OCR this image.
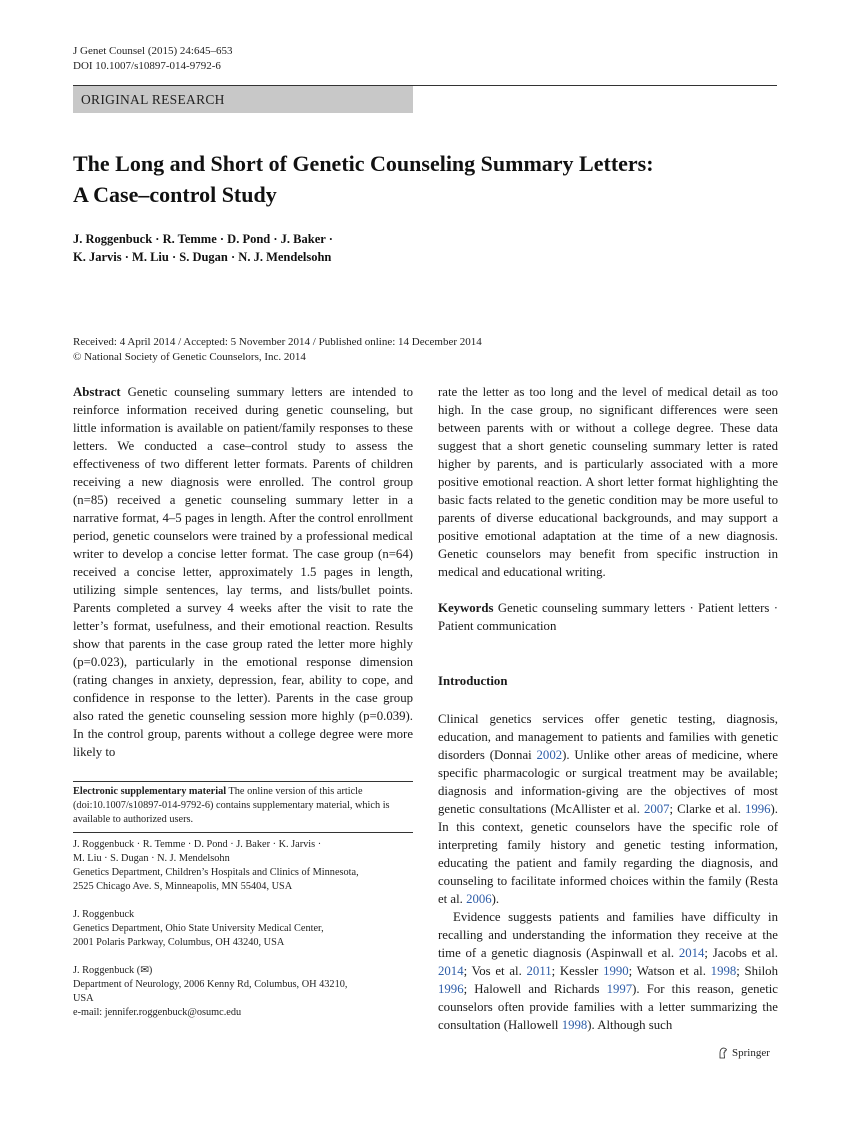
J Genet Counsel (2015) 24:645–653
DOI 10.1007/s10897-014-9792-6
ORIGINAL RESEARCH
The Long and Short of Genetic Counseling Summary Letters:
A Case–control Study
J. Roggenbuck · R. Temme · D. Pond · J. Baker ·
K. Jarvis · M. Liu · S. Dugan · N. J. Mendelsohn
Received: 4 April 2014 / Accepted: 5 November 2014 / Published online: 14 December 2014
© National Society of Genetic Counselors, Inc. 2014
Abstract Genetic counseling summary letters are intended to reinforce information received during genetic counseling, but little information is available on patient/family responses to these letters. We conducted a case–control study to assess the effectiveness of two different letter formats. Parents of children receiving a new diagnosis were enrolled. The control group (n=85) received a genetic counseling summary letter in a narrative format, 4–5 pages in length. After the control enrollment period, genetic counselors were trained by a professional medical writer to develop a concise letter format. The case group (n=64) received a concise letter, approximately 1.5 pages in length, utilizing simple sentences, lay terms, and lists/bullet points. Parents completed a survey 4 weeks after the visit to rate the letter’s format, usefulness, and their emotional reaction. Results show that parents in the case group rated the letter more highly (p=0.023), particularly in the emotional response dimension (rating changes in anxiety, depression, fear, ability to cope, and confidence in response to the letter). Parents in the case group also rated the genetic counseling session more highly (p=0.039). In the control group, parents without a college degree were more likely to
Electronic supplementary material The online version of this article (doi:10.1007/s10897-014-9792-6) contains supplementary material, which is available to authorized users.

J. Roggenbuck · R. Temme · D. Pond · J. Baker · K. Jarvis ·

M. Liu · S. Dugan · N. J. Mendelsohn

Genetics Department, Children’s Hospitals and Clinics of Minnesota,

2525 Chicago Ave. S, Minneapolis, MN 55404, USA

J. Roggenbuck

Genetics Department, Ohio State University Medical Center,

2001 Polaris Parkway, Columbus, OH 43240, USA

J. Roggenbuck (✉)

Department of Neurology, 2006 Kenny Rd, Columbus, OH 43210,

USA

e-mail: jennifer.roggenbuck@osumc.edu

rate the letter as too long and the level of medical detail as too high. In the case group, no significant differences were seen between parents with or without a college degree. These data suggest that a short genetic counseling summary letter is rated higher by parents, and is particularly associated with a more positive emotional reaction. A short letter format highlighting the basic facts related to the genetic condition may be more useful to parents of diverse educational backgrounds, and may support a positive emotional adaptation at the time of a new diagnosis. Genetic counselors may benefit from specific instruction in medical and educational writing.

Keywords Genetic counseling summary letters · Patient letters · Patient communication

Introduction

Clinical genetics services offer genetic testing, diagnosis, education, and management to patients and families with genetic disorders (Donnai 2002). Unlike other areas of medicine, where specific pharmacologic or surgical treatment may be available; diagnosis and information-giving are the objectives of most genetic consultations (McAllister et al. 2007; Clarke et al. 1996). In this context, genetic counselors have the specific role of interpreting family history and genetic testing information, educating the patient and family regarding the diagnosis, and counseling to facilitate informed choices within the family (Resta et al. 2006).

Evidence suggests patients and families have difficulty in recalling and understanding the information they receive at the time of a genetic diagnosis (Aspinwall et al. 2014; Jacobs et al. 2014; Vos et al. 2011; Kessler 1990; Watson et al. 1998; Shiloh 1996; Halowell and Richards 1997). For this reason, genetic counselors often provide families with a letter summarizing the consultation (Hallowell 1998). Although such

Springer
